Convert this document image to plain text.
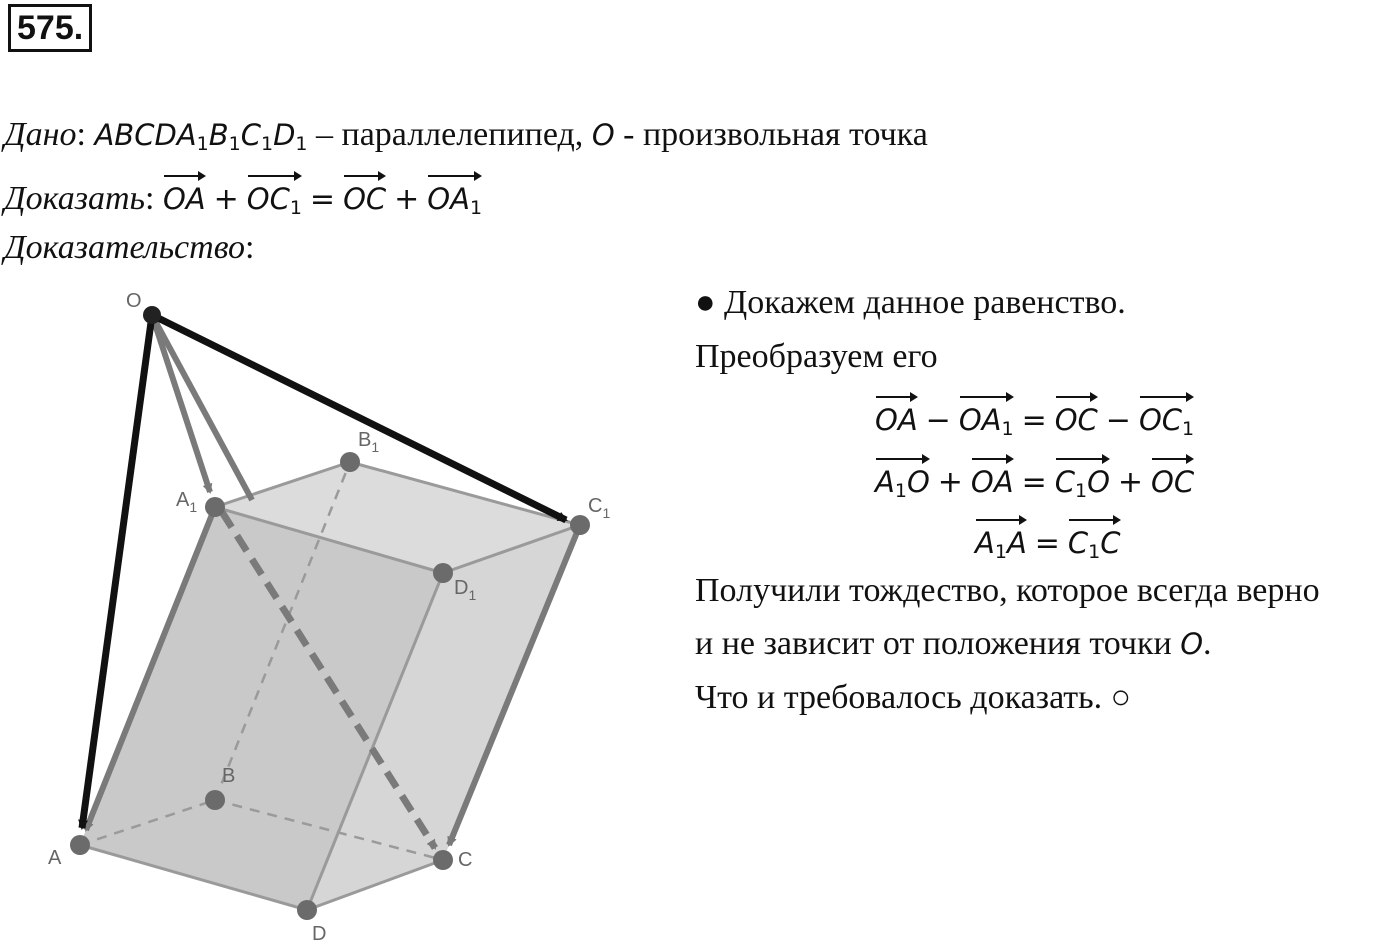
575.
Дано: $ABCDA_1B_1C_1D_1$ – параллелепипед, O - произвольная точка
Доказать: OA + $OC_1$ = OC + $OA_1$
Доказательство:
● Докажем данное равенство.
Преобразуем его
OA − $OA_1$ = OC − $OC_1$
$A_1O$ + OA = $C_1O$ + OC
$A_1A = C_1C$
Получили тождество, которое всегда верно
и не зависит от положения точки O.
Что и требовалось доказать. ○
O
A
B
C
D
$A_1$
$B_1$
$C_1$
$D_1$
